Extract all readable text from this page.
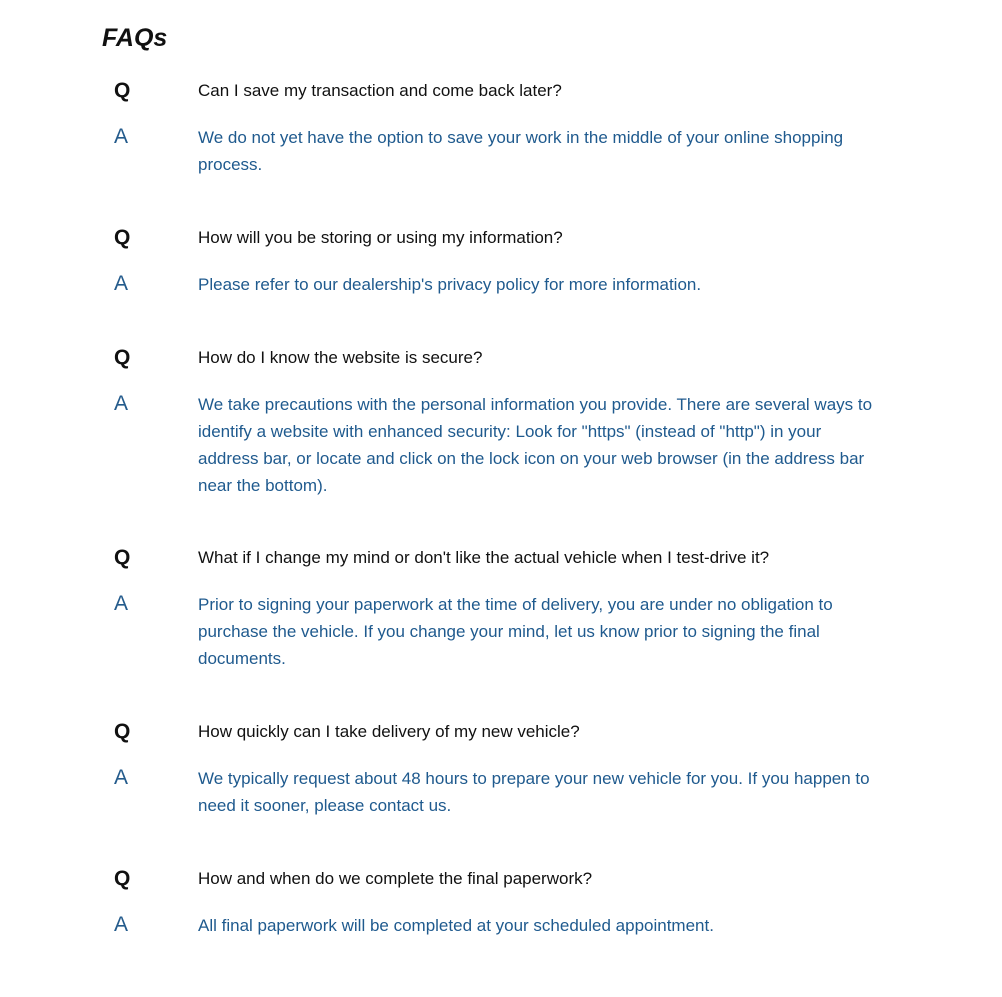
FAQs
Q	Can I save my transaction and come back later?
A	We do not yet have the option to save your work in the middle of your online shopping process.
Q	How will you be storing or using my information?
A	Please refer to our dealership's privacy policy for more information.
Q	How do I know the website is secure?
A	We take precautions with the personal information you provide. There are several ways to identify a website with enhanced security: Look for "https" (instead of "http") in your address bar, or locate and click on the lock icon on your web browser (in the address bar near the bottom).
Q	What if I change my mind or don't like the actual vehicle when I test-drive it?
A	Prior to signing your paperwork at the time of delivery, you are under no obligation to purchase the vehicle. If you change your mind, let us know prior to signing the final documents.
Q	How quickly can I take delivery of my new vehicle?
A	We typically request about 48 hours to prepare your new vehicle for you. If you happen to need it sooner, please contact us.
Q	How and when do we complete the final paperwork?
A	All final paperwork will be completed at your scheduled appointment.
